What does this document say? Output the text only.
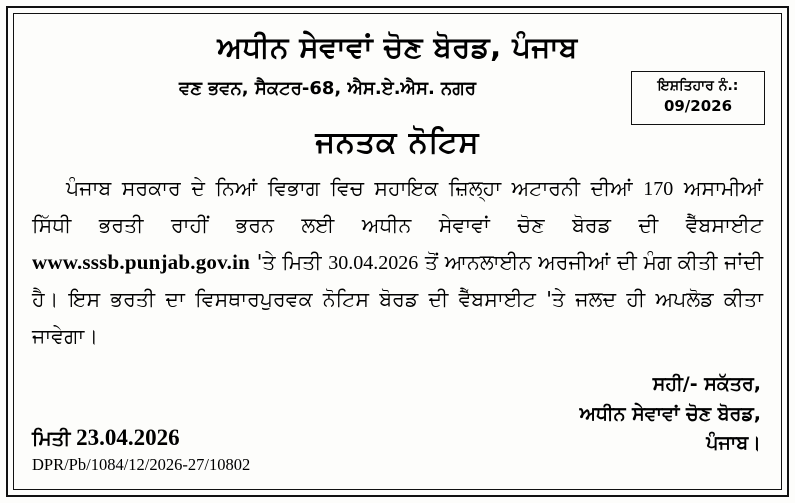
ਅਧੀਨ ਸੇਵਾਵਾਂ ਚੋਣ ਬੋਰਡ, ਪੰਜਾਬ
ਵਣ ਭਵਨ, ਸੈਕਟਰ-68, ਐਸ.ਏ.ਐਸ. ਨਗਰ	ਇਸ਼ਤਿਹਾਰ ਨੰ.:
09/2026
ਜਨਤਕ ਨੋਟਿਸ
ਪੰਜਾਬ ਸਰਕਾਰ ਦੇ ਨਿਆਂ ਵਿਭਾਗ ਵਿਚ ਸਹਾਇਕ ਜ਼ਿਲ੍ਹਾ ਅਟਾਰਨੀ ਦੀਆਂ 170 ਅਸਾਮੀਆਂ ਸਿੱਧੀ ਭਰਤੀ ਰਾਹੀਂ ਭਰਨ ਲਈ ਅਧੀਨ ਸੇਵਾਵਾਂ ਚੋਣ ਬੋਰਡ ਦੀ ਵੈੱਬਸਾਈਟ www.sssb.punjab.gov.in 'ਤੇ ਮਿਤੀ 30.04.2026 ਤੋਂ ਆਨਲਾਈਨ ਅਰਜੀਆਂ ਦੀ ਮੰਗ ਕੀਤੀ ਜਾਂਦੀ ਹੈ। ਇਸ ਭਰਤੀ ਦਾ ਵਿਸਥਾਰਪੁਰਵਕ ਨੋਟਿਸ ਬੋਰਡ ਦੀ ਵੈੱਬਸਾਈਟ 'ਤੇ ਜਲਦ ਹੀ ਅਪਲੋਡ ਕੀਤਾ ਜਾਵੇਗਾ।
ਸਹੀ/- ਸਕੱਤਰ,
ਅਧੀਨ ਸੇਵਾਵਾਂ ਚੋਣ ਬੋਰਡ,
ਪੰਜਾਬ।
ਮਿਤੀ 23.04.2026
DPR/Pb/1084/12/2026-27/10802
